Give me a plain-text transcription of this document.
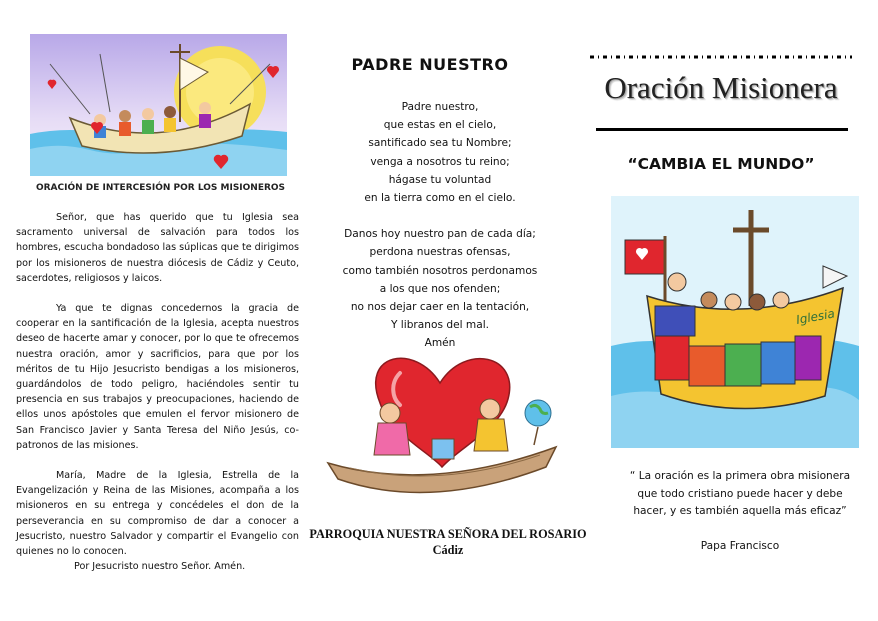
ORACIÓN DE INTERCESIÓN POR LOS MISIONEROS

Señor, que has querido que tu Iglesia sea sacramento universal de salvación para todos los hombres, escucha bondadoso las súplicas que te dirigimos por los misioneros de nuestra diócesis de Cádiz y Ceuto, sacerdotes, religiosos y laicos.

Ya que te dignas concedernos la gracia de cooperar en la santificación de la Iglesia, acepta nuestros deseo de hacerte amar y conocer, por lo que te ofrecemos nuestra oración, amor y sacrificios, para que por los méritos de tu Hijo Jesucristo bendigas a los misioneros, guardándolos de todo peligro, haciéndoles sentir tu presencia en sus trabajos y preocupaciones, haciendo de ellos unos apóstoles que emulen el fervor misionero de San Francisco Javier y Santa Teresa del Niño Jesús, co-patronos de las misiones.

María, Madre de la Iglesia, Estrella de la Evangelización y Reina de las Misiones, acompaña a los misioneros en su entrega y concédeles el don de la perseverancia en su compromiso de dar a conocer a Jesucristo, nuestro Salvador y compartir el Evangelio con quienes no lo conocen.

Por Jesucristo nuestro Señor. Amén.

PADRE NUESTRO
Padre nuestro,
que estas en el cielo,
santificado sea tu Nombre;
venga a nosotros tu reino;
hágase tu voluntad
en la tierra como en el cielo.
Danos hoy nuestro pan de cada día;
perdona nuestras ofensas,
como también nosotros perdonamos
a los que nos ofenden;
no nos dejar caer en la tentación,
Y libranos del mal.
Amén
PARROQUIA NUESTRA SEÑORA DEL ROSARIO
Cádiz
Oración Misionera
“CAMBIA EL MUNDO”
Iglesia
“ La oración es la primera obra misionera que todo cristiano puede hacer y debe hacer, y es también aquella más eficaz”
Papa Francisco
